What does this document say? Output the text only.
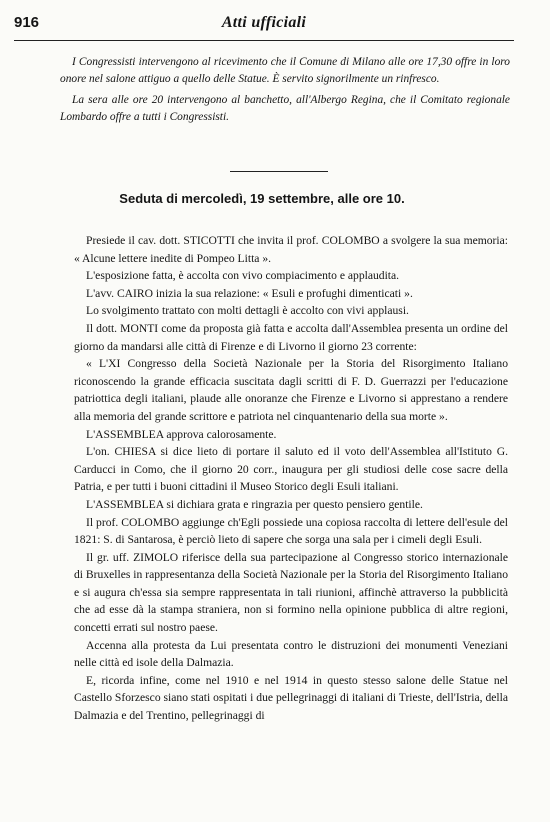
916	Atti ufficiali

I Congressisti intervengono al ricevimento che il Comune di Milano alle ore 17,30 offre in loro onore nel salone attiguo a quello delle Statue. È servito signorilmente un rinfresco.

La sera alle ore 20 intervengono al banchetto, all'Albergo Regina, che il Comitato regionale Lombardo offre a tutti i Congressisti.

Seduta di mercoledì, 19 settembre, alle ore 10.

Presiede il cav. dott. STICOTTI che invita il prof. COLOMBO a svolgere la sua memoria: « Alcune lettere inedite di Pompeo Litta ».

L'esposizione fatta, è accolta con vivo compiacimento e applaudita.

L'avv. CAIRO inizia la sua relazione: « Esuli e profughi dimenticati ».

Lo svolgimento trattato con molti dettagli è accolto con vivi applausi.

Il dott. MONTI come da proposta già fatta e accolta dall'Assemblea presenta un ordine del giorno da mandarsi alle città di Firenze e di Livorno il giorno 23 corrente:

« L'XI Congresso della Società Nazionale per la Storia del Risorgimento Italiano riconoscendo la grande efficacia suscitata dagli scritti di F. D. Guerrazzi per l'educazione patriottica degli italiani, plaude alle onoranze che Firenze e Livorno si apprestano a rendere alla memoria del grande scrittore e patriota nel cinquantenario della sua morte ».

L'ASSEMBLEA approva calorosamente.

L'on. CHIESA si dice lieto di portare il saluto ed il voto dell'Assemblea all'Istituto G. Carducci in Como, che il giorno 20 corr., inaugura per gli studiosi delle cose sacre della Patria, e per tutti i buoni cittadini il Museo Storico degli Esuli italiani.

L'ASSEMBLEA si dichiara grata e ringrazia per questo pensiero gentile.

Il prof. COLOMBO aggiunge ch'Egli possiede una copiosa raccolta di lettere dell'esule del 1821: S. di Santarosa, è perciò lieto di sapere che sorga una sala per i cimeli degli Esuli.

Il gr. uff. ZIMOLO riferisce della sua partecipazione al Congresso storico internazionale di Bruxelles in rappresentanza della Società Nazionale per la Storia del Risorgimento Italiano e si augura ch'essa sia sempre rappresentata in tali riunioni, affinchè attraverso la pubblicità che ad esse dà la stampa straniera, non si formino nella opinione pubblica di altre regioni, concetti errati sul nostro paese.

Accenna alla protesta da Lui presentata contro le distruzioni dei monumenti Veneziani nelle città ed isole della Dalmazia.

E, ricorda infine, come nel 1910 e nel 1914 in questo stesso salone delle Statue nel Castello Sforzesco siano stati ospitati i due pellegrinaggi di italiani di Trieste, dell'Istria, della Dalmazia e del Trentino, pellegrinaggi di
